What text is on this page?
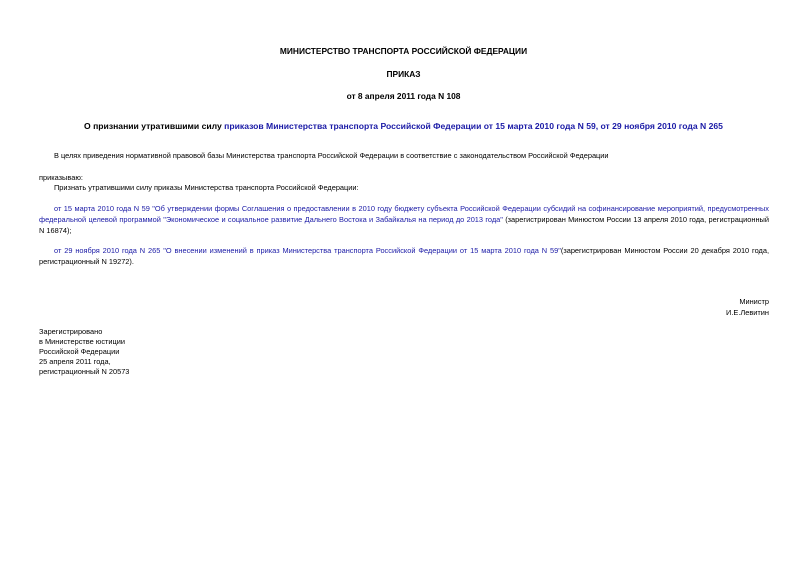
МИНИСТЕРСТВО ТРАНСПОРТА РОССИЙСКОЙ ФЕДЕРАЦИИ
ПРИКАЗ
от 8 апреля 2011 года N 108
О признании утратившими силу приказов Министерства транспорта Российской Федерации от 15 марта 2010 года N 59, от 29 ноября 2010 года N 265
В целях приведения нормативной правовой базы Министерства транспорта Российской Федерации в соответствие с законодательством Российской Федерации
приказываю:
Признать утратившими силу приказы Министерства транспорта Российской Федерации:
от 15 марта 2010 года N 59 "Об утверждении формы Соглашения о предоставлении в 2010 году бюджету субъекта Российской Федерации субсидий на софинансирование мероприятий, предусмотренных федеральной целевой программой "Экономическое и социальное развитие Дальнего Востока и Забайкалья на период до 2013 года" (зарегистрирован Минюстом России 13 апреля 2010 года, регистрационный N 16874);
от 29 ноября 2010 года N 265 "О внесении изменений в приказ Министерства транспорта Российской Федерации от 15 марта 2010 года N 59"(зарегистрирован Минюстом России 20 декабря 2010 года, регистрационный N 19272).
Министр
И.Е.Левитин
Зарегистрировано
в Министерстве юстиции
Российской Федерации
25 апреля 2011 года,
регистрационный N 20573
